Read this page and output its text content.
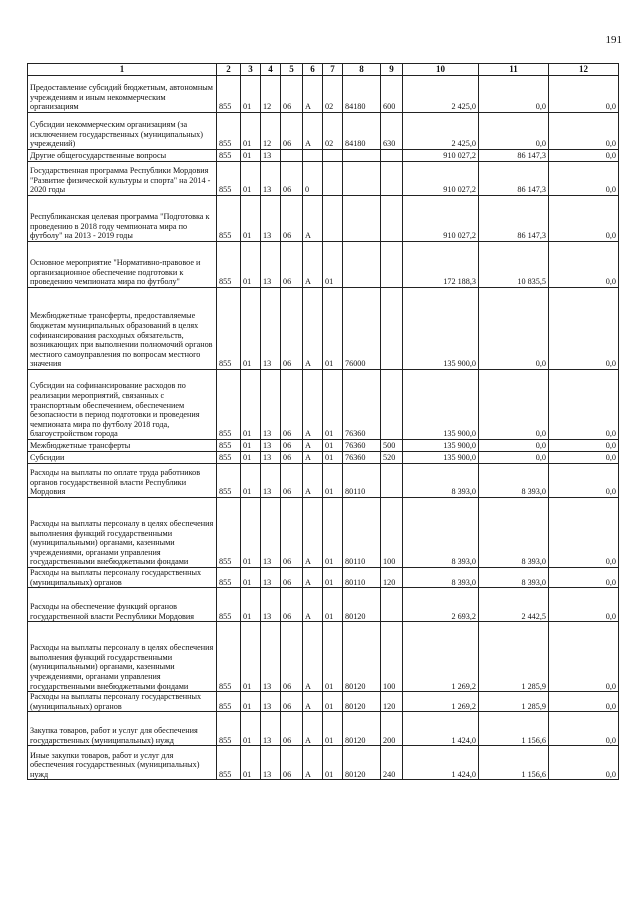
191
1	2	3	4	5	6	7	8	9	10	11	12
Предоставление субсидий бюджетным, автономным учреждениям и иным некоммерческим организациям	855	01	12	06	А	02	84180	600	2 425,0	0,0	0,0
Субсидии некоммерческим организациям (за исключением государственных (муниципальных) учреждений)	855	01	12	06	А	02	84180	630	2 425,0	0,0	0,0
Другие общегосударственные вопросы	855	01	13						910 027,2	86 147,3	0,0
Государственная программа Республики Мордовия "Развитие физической культуры и спорта" на 2014 - 2020 годы	855	01	13	06	0				910 027,2	86 147,3	0,0
Республиканская целевая программа "Подготовка к проведению в 2018 году чемпионата мира по футболу" на 2013 - 2019 годы	855	01	13	06	А				910 027,2	86 147,3	0,0
Основное мероприятие "Нормативно-правовое и организационное обеспечение подготовки к проведению чемпионата мира по футболу"	855	01	13	06	А	01			172 188,3	10 835,5	0,0
Межбюджетные трансферты, предоставляемые бюджетам муниципальных образований в целях софинансирования расходных обязательств, возникающих при выполнении полномочий органов местного самоуправления по вопросам местного значения	855	01	13	06	А	01	76000		135 900,0	0,0	0,0
Субсидии на софинансирование расходов по реализации мероприятий, связанных с транспортным обеспечением, обеспечением безопасности в период подготовки и проведения чемпионата мира по футболу 2018 года, благоустройством города	855	01	13	06	А	01	76360		135 900,0	0,0	0,0
Межбюджетные трансферты	855	01	13	06	А	01	76360	500	135 900,0	0,0	0,0
Субсидии	855	01	13	06	А	01	76360	520	135 900,0	0,0	0,0
Расходы на выплаты по оплате труда работников органов государственной власти Республики Мордовия	855	01	13	06	А	01	80110		8 393,0	8 393,0	0,0
Расходы на выплаты персоналу в целях обеспечения выполнения функций государственными (муниципальными) органами, казенными учреждениями, органами управления государственными внебюджетными фондами	855	01	13	06	А	01	80110	100	8 393,0	8 393,0	0,0
Расходы на выплаты персоналу государственных (муниципальных) органов	855	01	13	06	А	01	80110	120	8 393,0	8 393,0	0,0
Расходы на обеспечение функций органов государственной власти Республики Мордовия	855	01	13	06	А	01	80120		2 693,2	2 442,5	0,0
Расходы на выплаты персоналу в целях обеспечения выполнения функций государственными (муниципальными) органами, казенными учреждениями, органами управления государственными внебюджетными фондами	855	01	13	06	А	01	80120	100	1 269,2	1 285,9	0,0
Расходы на выплаты персоналу государственных (муниципальных) органов	855	01	13	06	А	01	80120	120	1 269,2	1 285,9	0,0
Закупка товаров, работ и услуг для обеспечения государственных (муниципальных) нужд	855	01	13	06	А	01	80120	200	1 424,0	1 156,6	0,0
Иные закупки товаров, работ и услуг для обеспечения государственных (муниципальных) нужд	855	01	13	06	А	01	80120	240	1 424,0	1 156,6	0,0
